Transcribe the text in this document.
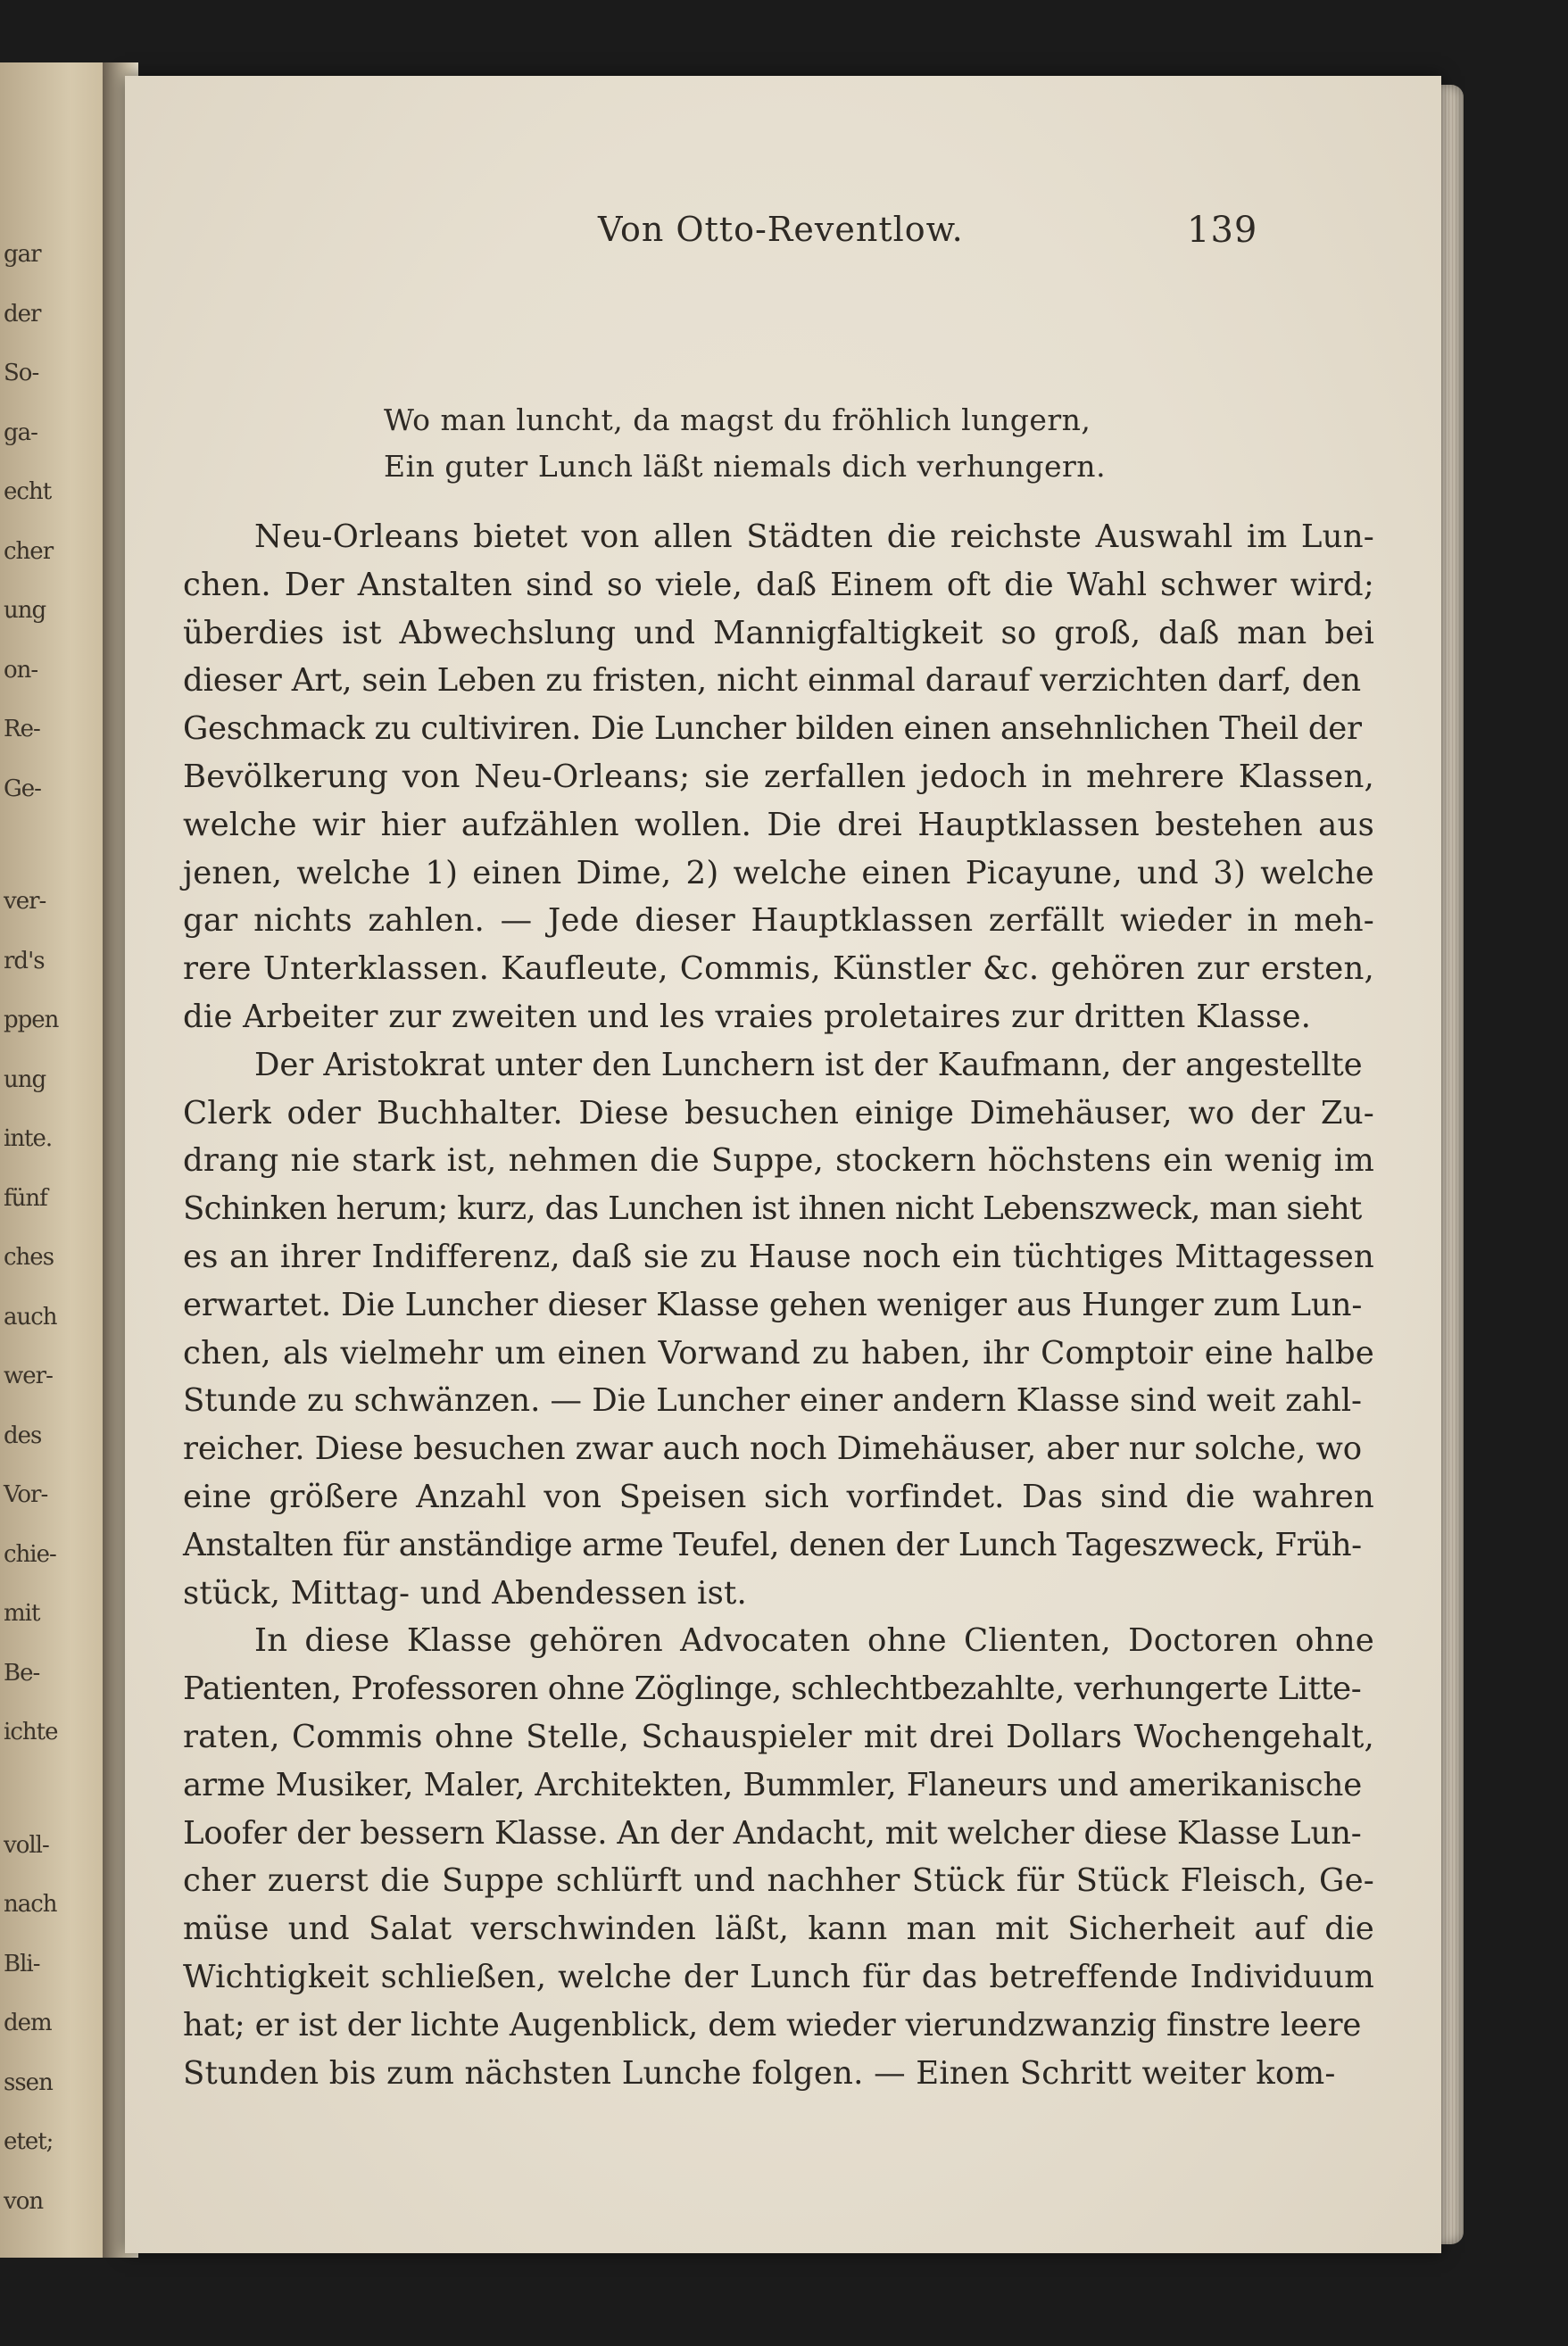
gar
der
So-
ga-
echt
cher
ung
on-
Re-
Ge-
ver-
rd's
ppen
ung
inte.
fünf
ches
auch
wer-
des
Vor-
chie-
mit
Be-
ichte
voll-
nach
Bli-
dem
ssen
etet;
von
Von Otto-Reventlow.	139
Wo man luncht, da magst du fröhlich lungern,
Ein guter Lunch läßt niemals dich verhungern.
Neu-Orleans bietet von allen Städten die reichste Auswahl im Lun-
chen. Der Anstalten sind so viele, daß Einem oft die Wahl schwer wird;
überdies ist Abwechslung und Mannigfaltigkeit so groß, daß man bei
dieser Art, sein Leben zu fristen, nicht einmal darauf verzichten darf, den
Geschmack zu cultiviren. Die Luncher bilden einen ansehnlichen Theil der
Bevölkerung von Neu-Orleans; sie zerfallen jedoch in mehrere Klassen,
welche wir hier aufzählen wollen. Die drei Hauptklassen bestehen aus
jenen, welche 1) einen Dime, 2) welche einen Picayune, und 3) welche
gar nichts zahlen. — Jede dieser Hauptklassen zerfällt wieder in meh-
rere Unterklassen. Kaufleute, Commis, Künstler &c. gehören zur ersten,
die Arbeiter zur zweiten und les vraies proletaires zur dritten Klasse.
Der Aristokrat unter den Lunchern ist der Kaufmann, der angestellte
Clerk oder Buchhalter. Diese besuchen einige Dimehäuser, wo der Zu-
drang nie stark ist, nehmen die Suppe, stockern höchstens ein wenig im
Schinken herum; kurz, das Lunchen ist ihnen nicht Lebenszweck, man sieht
es an ihrer Indifferenz, daß sie zu Hause noch ein tüchtiges Mittagessen
erwartet. Die Luncher dieser Klasse gehen weniger aus Hunger zum Lun-
chen, als vielmehr um einen Vorwand zu haben, ihr Comptoir eine halbe
Stunde zu schwänzen. — Die Luncher einer andern Klasse sind weit zahl-
reicher. Diese besuchen zwar auch noch Dimehäuser, aber nur solche, wo
eine größere Anzahl von Speisen sich vorfindet. Das sind die wahren
Anstalten für anständige arme Teufel, denen der Lunch Tageszweck, Früh-
stück, Mittag- und Abendessen ist.
In diese Klasse gehören Advocaten ohne Clienten, Doctoren ohne
Patienten, Professoren ohne Zöglinge, schlechtbezahlte, verhungerte Litte-
raten, Commis ohne Stelle, Schauspieler mit drei Dollars Wochengehalt,
arme Musiker, Maler, Architekten, Bummler, Flaneurs und amerikanische
Loofer der bessern Klasse. An der Andacht, mit welcher diese Klasse Lun-
cher zuerst die Suppe schlürft und nachher Stück für Stück Fleisch, Ge-
müse und Salat verschwinden läßt, kann man mit Sicherheit auf die
Wichtigkeit schließen, welche der Lunch für das betreffende Individuum
hat; er ist der lichte Augenblick, dem wieder vierundzwanzig finstre leere
Stunden bis zum nächsten Lunche folgen. — Einen Schritt weiter kom-
